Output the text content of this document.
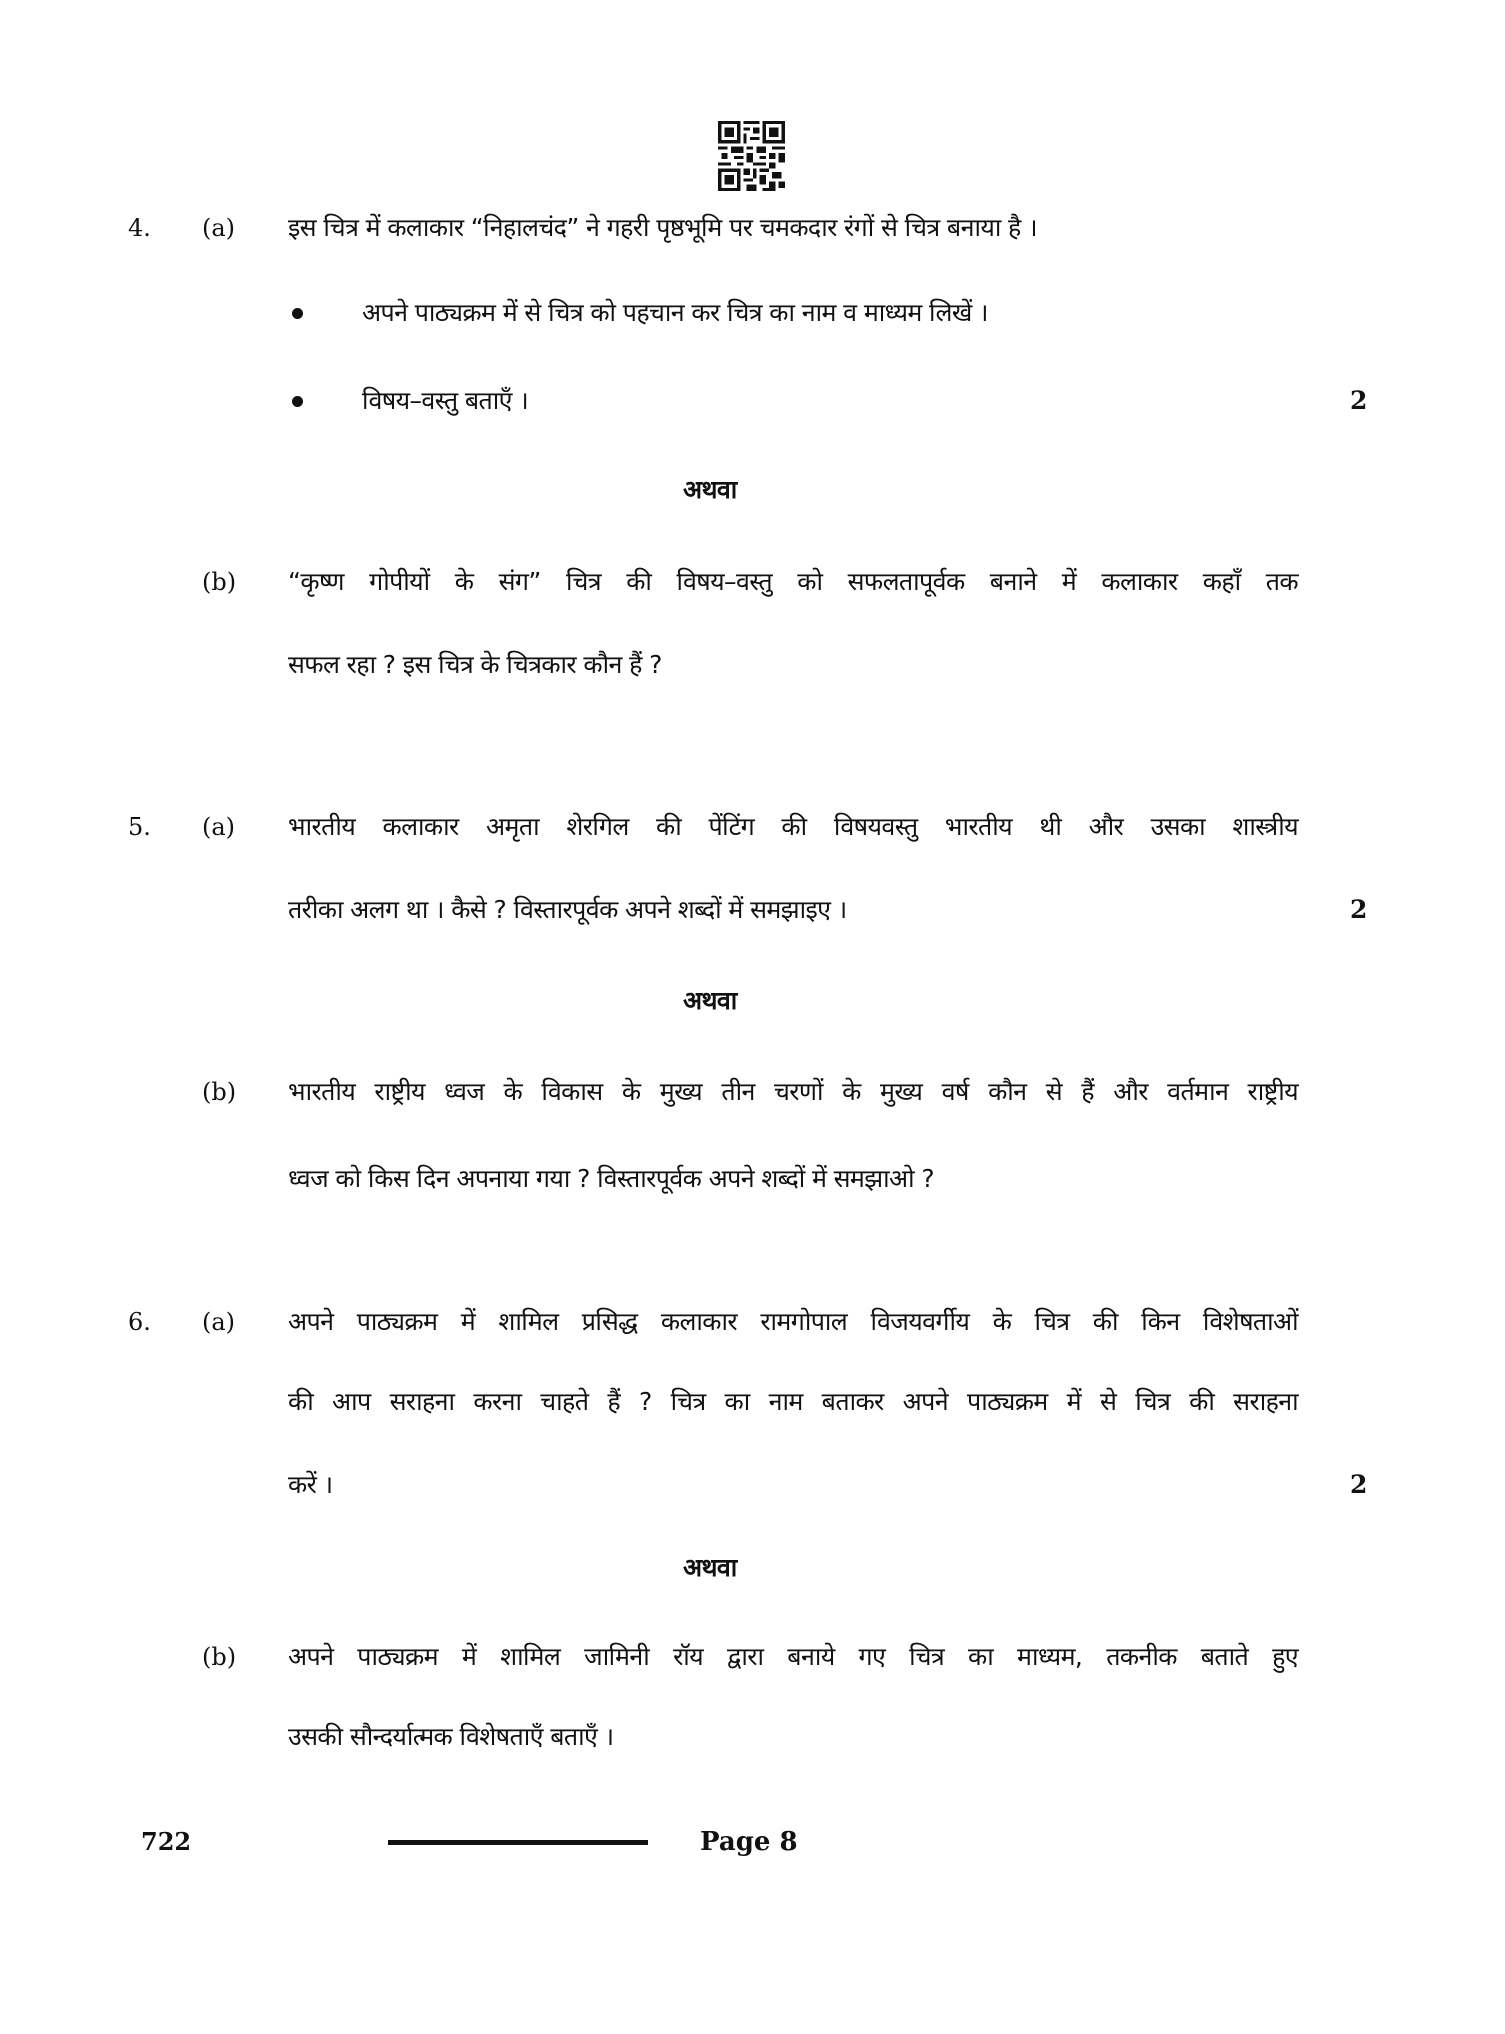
4. (a) इस चित्र में कलाकार “निहालचंद” ने गहरी पृष्ठभूमि पर चमकदार रंगों से चित्र बनाया है ।
अपने पाठ्यक्रम में से चित्र को पहचान कर चित्र का नाम व माध्यम लिखें ।
विषय–वस्तु बताएँ ।	2
अथवा
(b) “कृष्ण गोपीयों के संग” चित्र की विषय–वस्तु को सफलतापूर्वक बनाने में कलाकार कहाँ तक
सफल रहा ? इस चित्र के चित्रकार कौन हैं ?
5. (a) भारतीय कलाकार अमृता शेरगिल की पेंटिंग की विषयवस्तु भारतीय थी और उसका शास्त्रीय
तरीका अलग था । कैसे ? विस्तारपूर्वक अपने शब्दों में समझाइए ।	2
अथवा
(b) भारतीय राष्ट्रीय ध्वज के विकास के मुख्य तीन चरणों के मुख्य वर्ष कौन से हैं और वर्तमान राष्ट्रीय
ध्वज को किस दिन अपनाया गया ? विस्तारपूर्वक अपने शब्दों में समझाओ ?
6. (a) अपने पाठ्यक्रम में शामिल प्रसिद्ध कलाकार रामगोपाल विजयवर्गीय के चित्र की किन विशेषताओं
की आप सराहना करना चाहते हैं ? चित्र का नाम बताकर अपने पाठ्यक्रम में से चित्र की सराहना
करें ।	2
अथवा
(b) अपने पाठ्यक्रम में शामिल जामिनी रॉय द्वारा बनाये गए चित्र का माध्यम, तकनीक बताते हुए
उसकी सौन्दर्यात्मक विशेषताएँ बताएँ ।
722	Page 8
